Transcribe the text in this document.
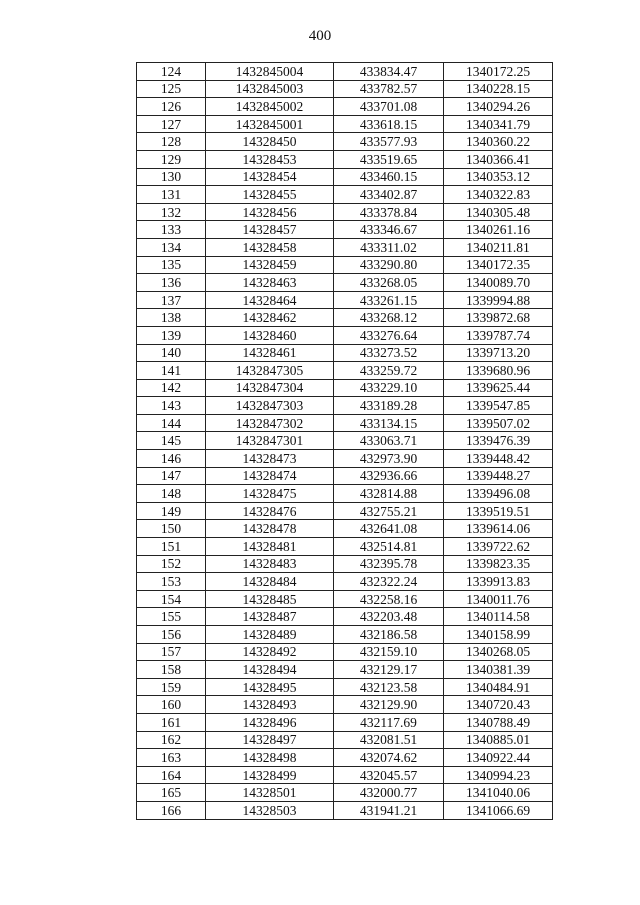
400
124	1432845004	433834.47	1340172.25
125	1432845003	433782.57	1340228.15
126	1432845002	433701.08	1340294.26
127	1432845001	433618.15	1340341.79
128	14328450	433577.93	1340360.22
129	14328453	433519.65	1340366.41
130	14328454	433460.15	1340353.12
131	14328455	433402.87	1340322.83
132	14328456	433378.84	1340305.48
133	14328457	433346.67	1340261.16
134	14328458	433311.02	1340211.81
135	14328459	433290.80	1340172.35
136	14328463	433268.05	1340089.70
137	14328464	433261.15	1339994.88
138	14328462	433268.12	1339872.68
139	14328460	433276.64	1339787.74
140	14328461	433273.52	1339713.20
141	1432847305	433259.72	1339680.96
142	1432847304	433229.10	1339625.44
143	1432847303	433189.28	1339547.85
144	1432847302	433134.15	1339507.02
145	1432847301	433063.71	1339476.39
146	14328473	432973.90	1339448.42
147	14328474	432936.66	1339448.27
148	14328475	432814.88	1339496.08
149	14328476	432755.21	1339519.51
150	14328478	432641.08	1339614.06
151	14328481	432514.81	1339722.62
152	14328483	432395.78	1339823.35
153	14328484	432322.24	1339913.83
154	14328485	432258.16	1340011.76
155	14328487	432203.48	1340114.58
156	14328489	432186.58	1340158.99
157	14328492	432159.10	1340268.05
158	14328494	432129.17	1340381.39
159	14328495	432123.58	1340484.91
160	14328493	432129.90	1340720.43
161	14328496	432117.69	1340788.49
162	14328497	432081.51	1340885.01
163	14328498	432074.62	1340922.44
164	14328499	432045.57	1340994.23
165	14328501	432000.77	1341040.06
166	14328503	431941.21	1341066.69
